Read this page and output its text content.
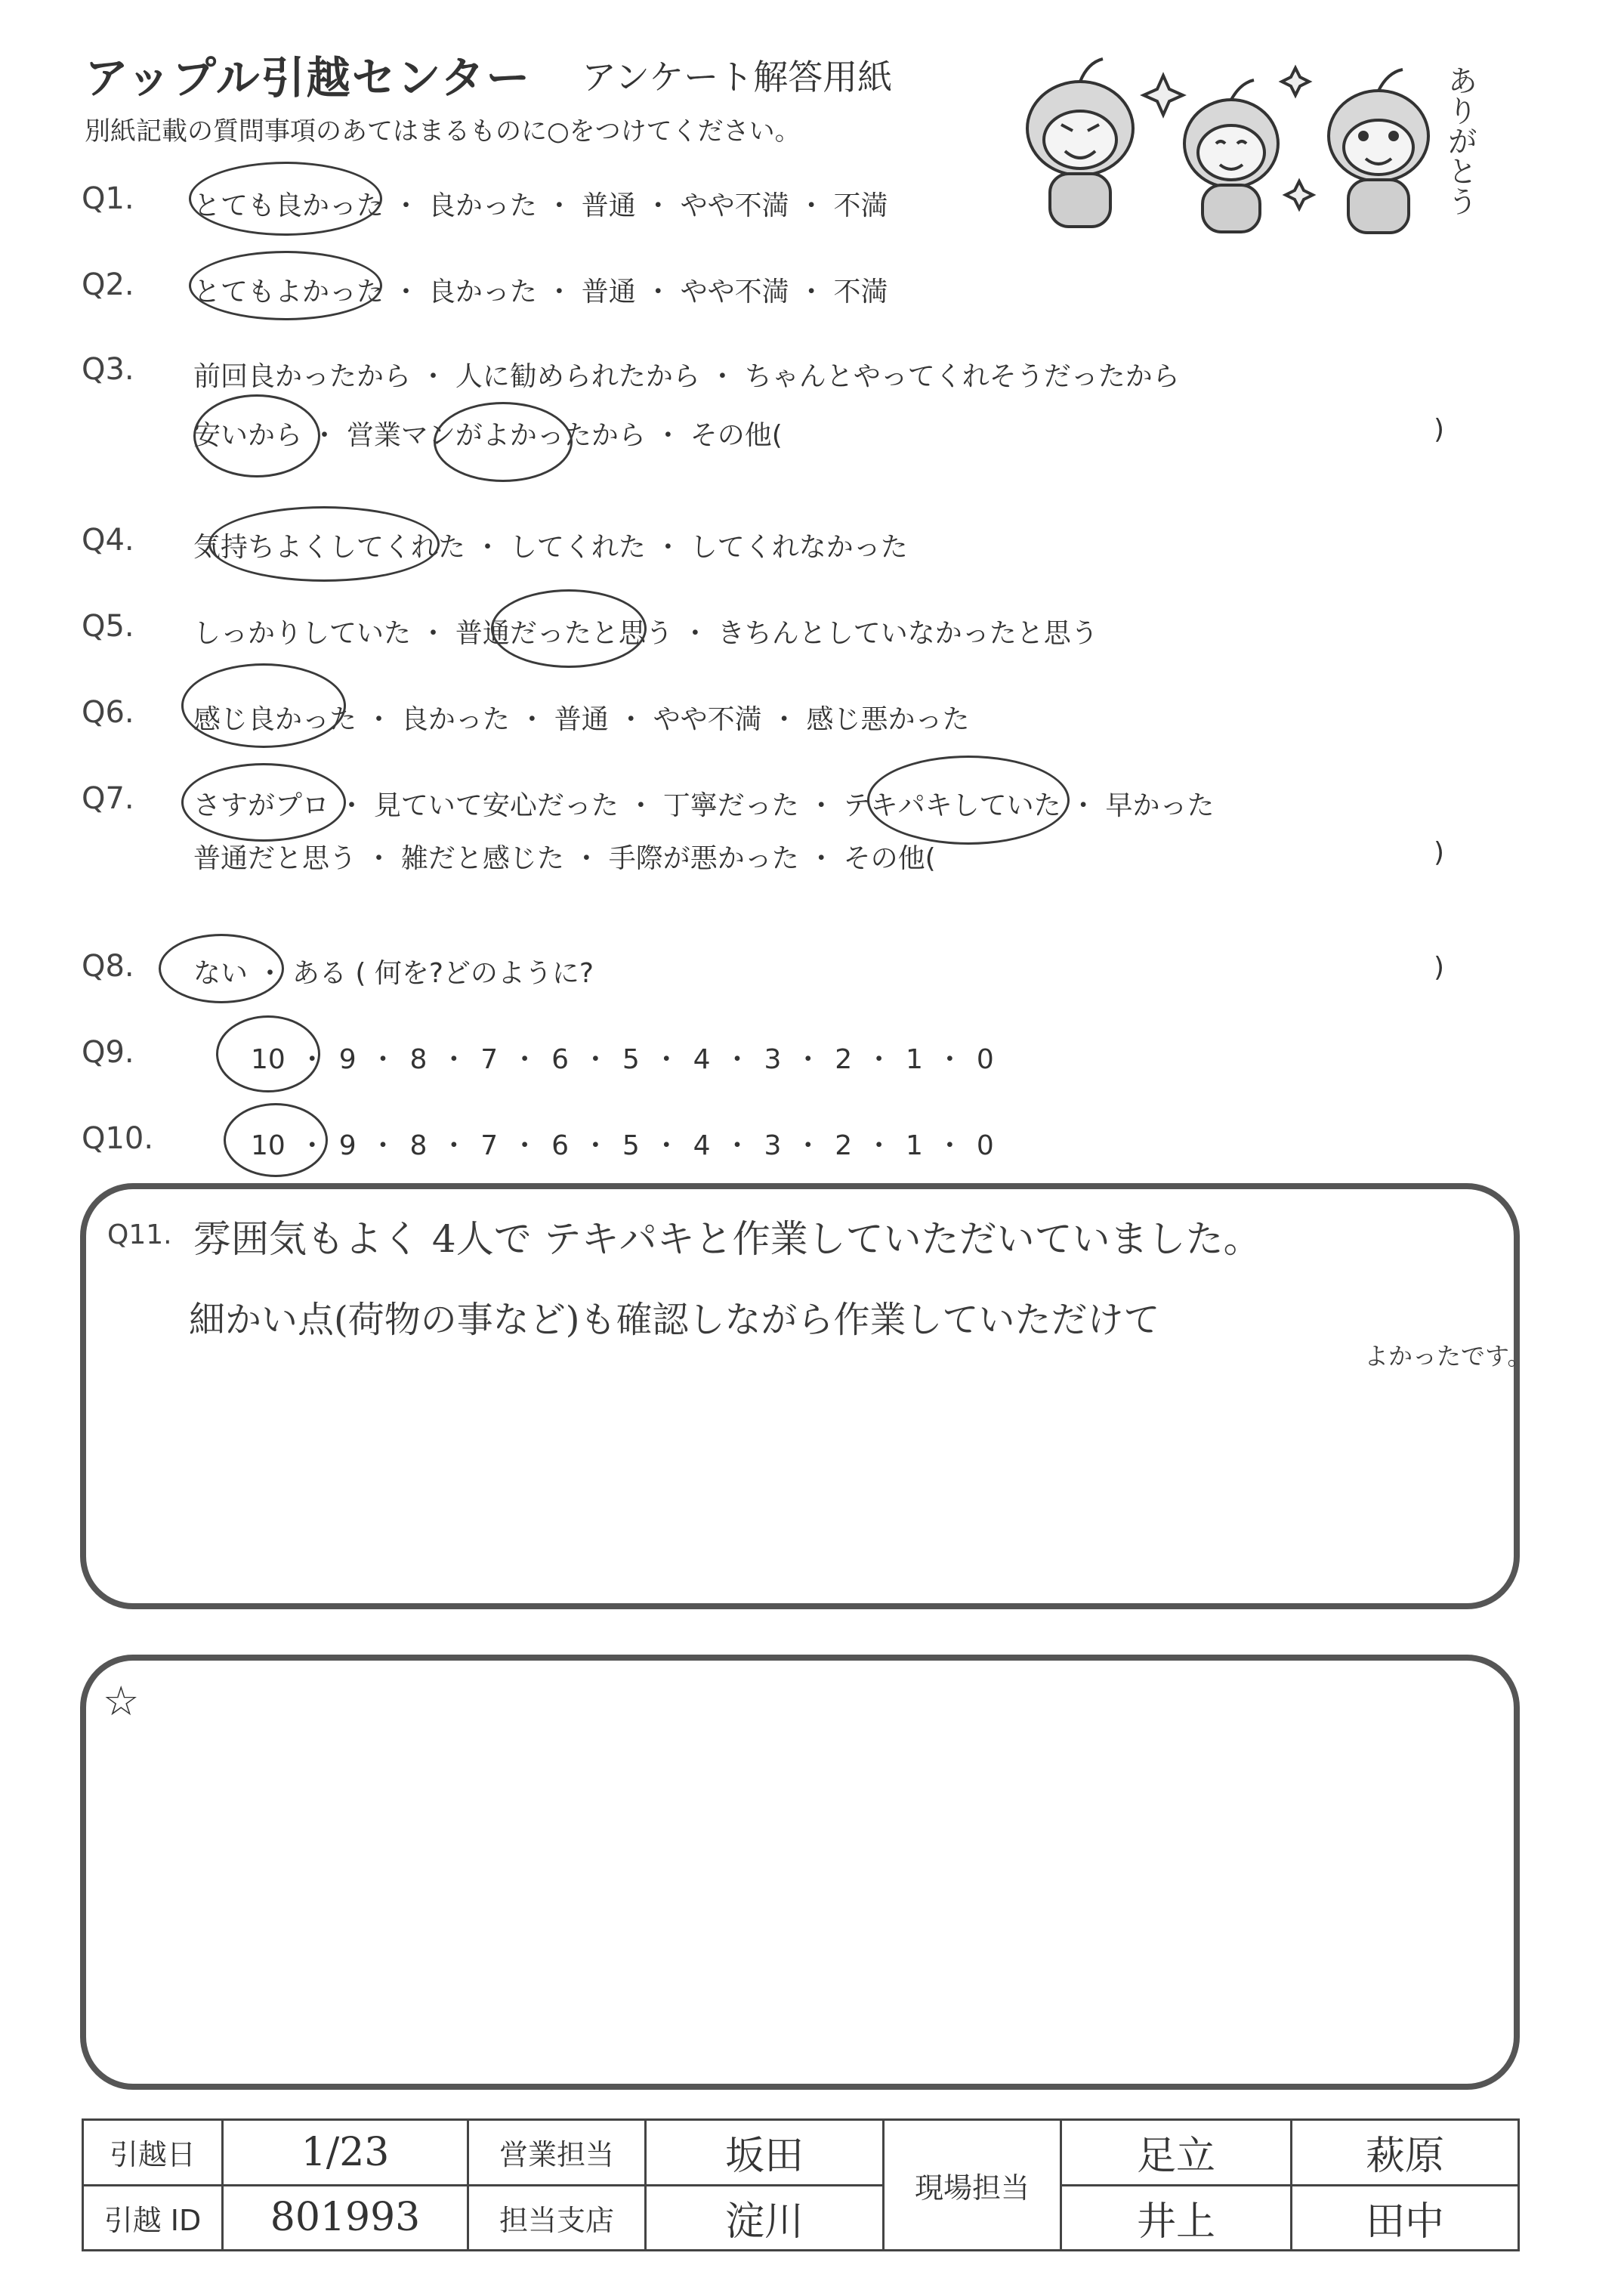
アップル引越センター アンケート解答用紙
別紙記載の質問事項のあてはまるものに○をつけてください。	ありがとう
Q1. とても良かった ・ 良かった ・ 普通 ・ やや不満 ・ 不満
Q2. とてもよかった ・ 良かった ・ 普通 ・ やや不満 ・ 不満
Q3. 前回良かったから ・ 人に勧められたから ・ ちゃんとやってくれそうだったから
安いから ・ 営業マンがよかったから ・ その他(	)
Q4. 気持ちよくしてくれた ・ してくれた ・ してくれなかった
Q5. しっかりしていた ・ 普通だったと思う ・ きちんとしていなかったと思う
Q6. 感じ良かった ・ 良かった ・ 普通 ・ やや不満 ・ 感じ悪かった
Q7. さすがプロ ・ 見ていて安心だった ・ 丁寧だった ・ テキパキしていた ・ 早かった
普通だと思う ・ 雑だと感じた ・ 手際が悪かった ・ その他(	)
Q8. ない ・ ある ( 何を?どのように?	)
Q9.	10 ・ 9 ・ 8 ・ 7 ・ 6 ・ 5 ・ 4 ・ 3 ・ 2 ・ 1 ・ 0
Q10.	10 ・ 9 ・ 8 ・ 7 ・ 6 ・ 5 ・ 4 ・ 3 ・ 2 ・ 1 ・ 0
Q11. 雰囲気もよく 4人で テキパキと作業していただいていました。
細かい点(荷物の事など)も確認しながら作業していただけて
よかったです。
☆
引越日	1/23	営業担当	坂田	現場担当	足立	萩原
引越 ID	801993	担当支店	淀川		井上	田中
